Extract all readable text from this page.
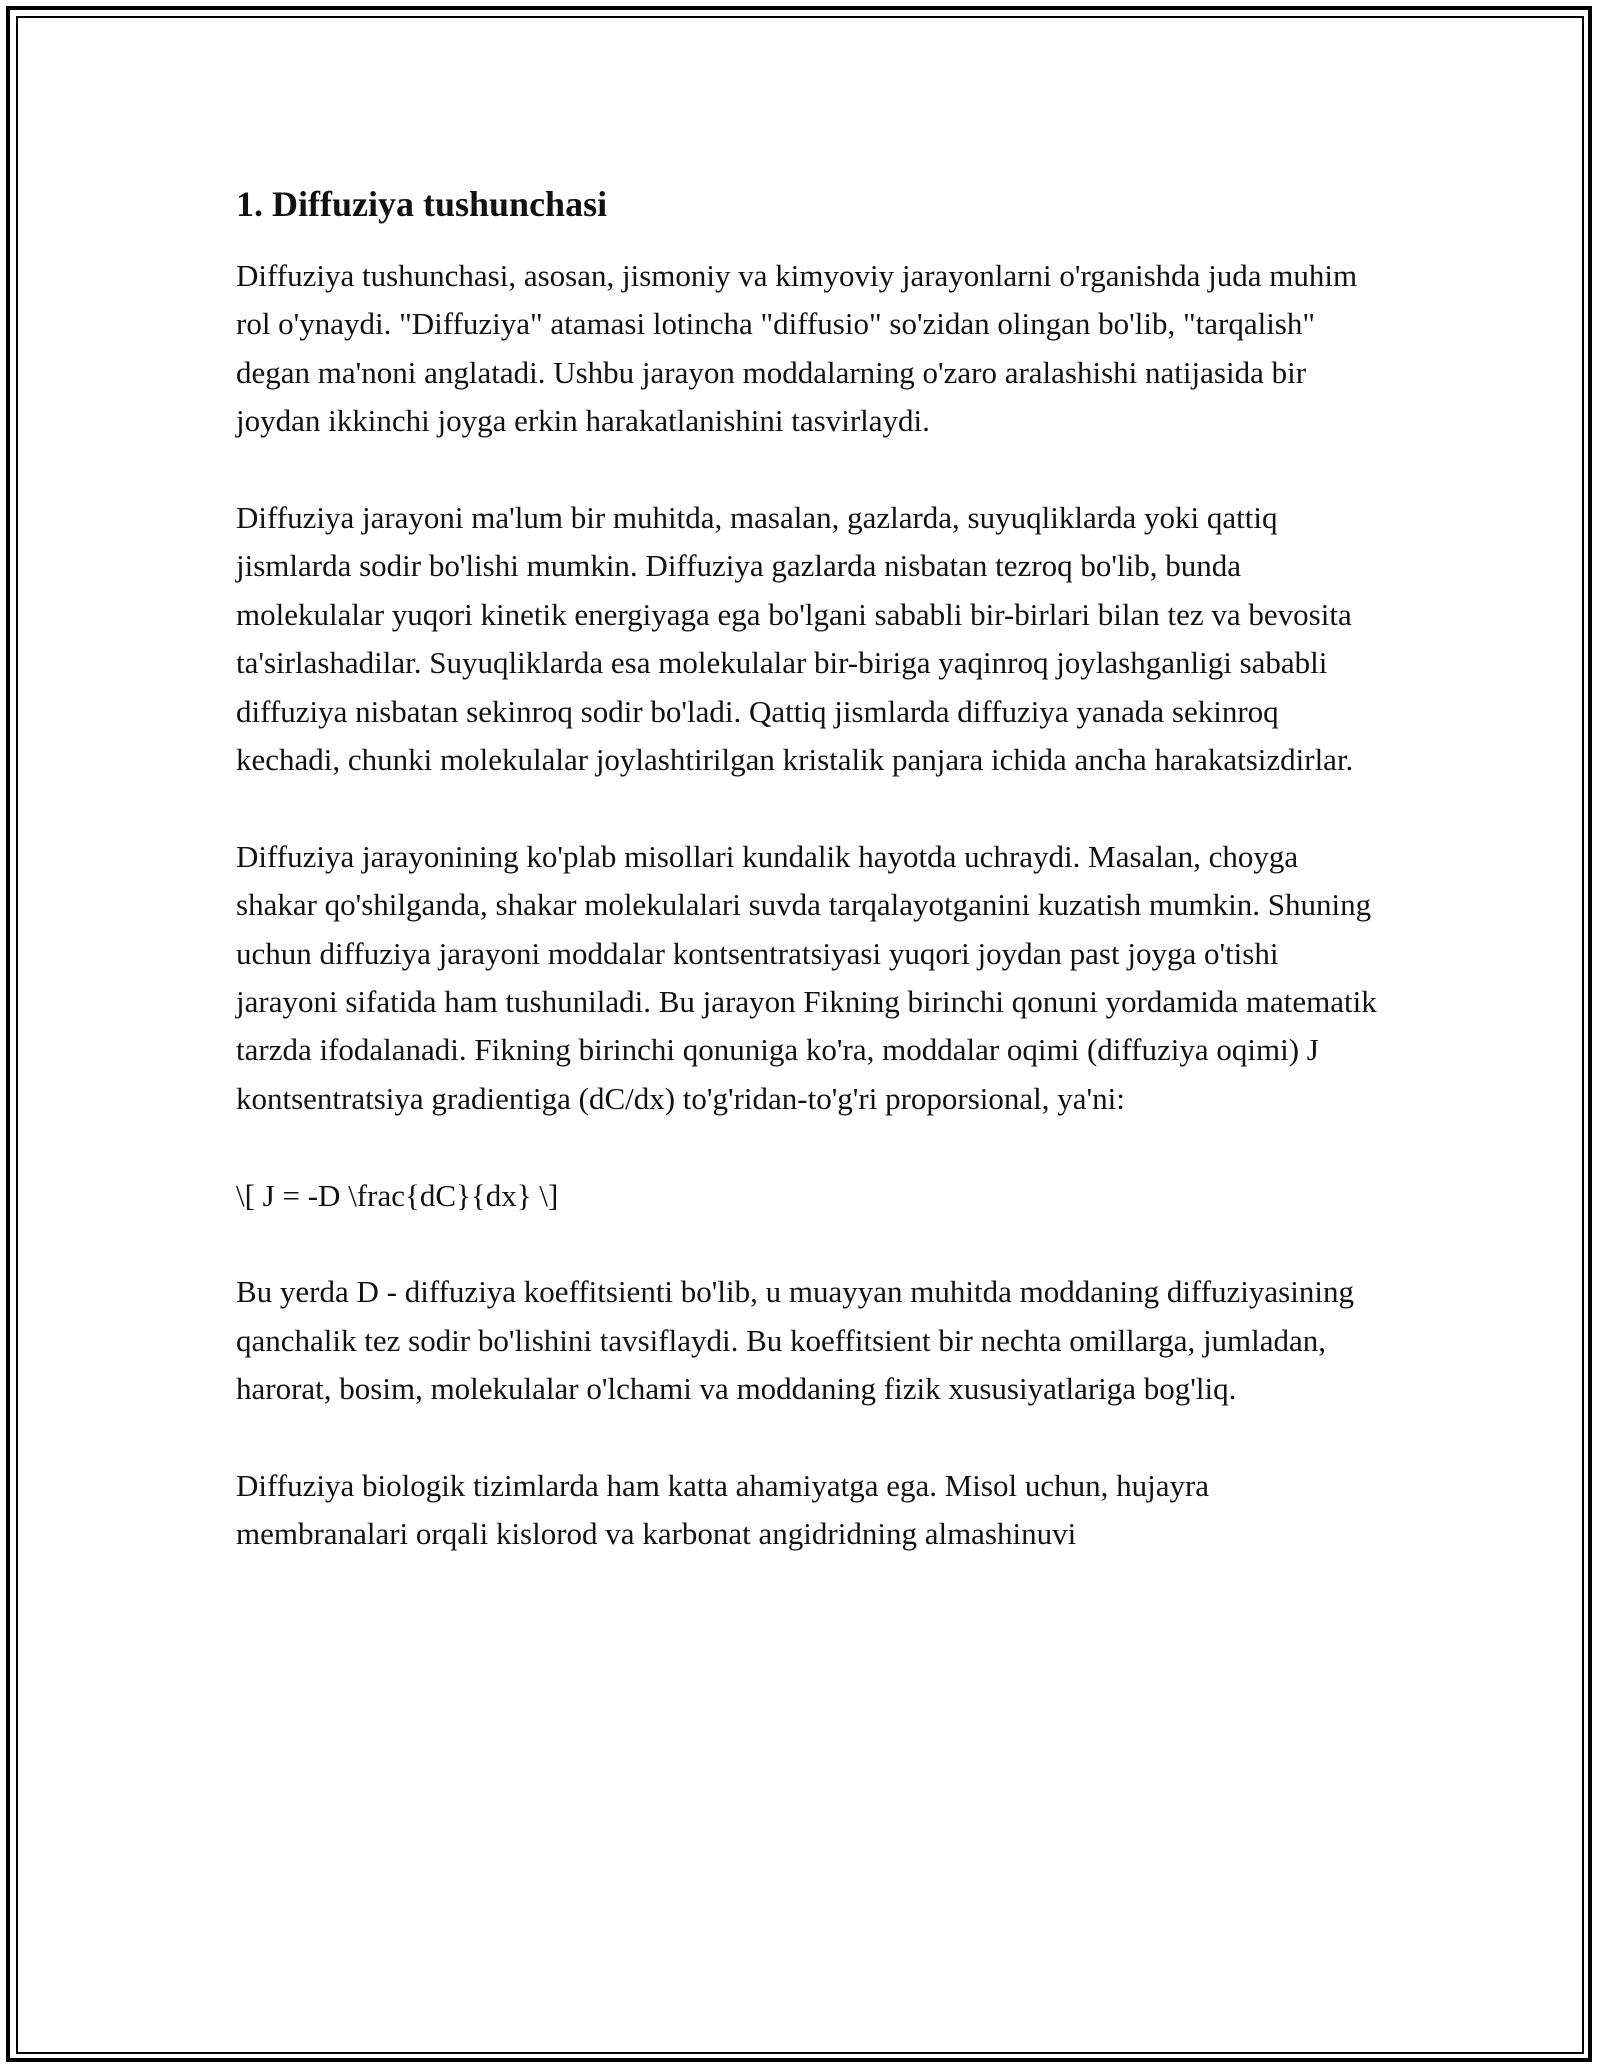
1. Diffuziya tushunchasi

Diffuziya tushunchasi, asosan, jismoniy va kimyoviy jarayonlarni o'rganishda juda muhim rol o'ynaydi. "Diffuziya" atamasi lotincha "diffusio" so'zidan olingan bo'lib, "tarqalish" degan ma'noni anglatadi. Ushbu jarayon moddalarning o'zaro aralashishi natijasida bir joydan ikkinchi joyga erkin harakatlanishini tasvirlaydi.

Diffuziya jarayoni ma'lum bir muhitda, masalan, gazlarda, suyuqliklarda yoki qattiq jismlarda sodir bo'lishi mumkin. Diffuziya gazlarda nisbatan tezroq bo'lib, bunda molekulalar yuqori kinetik energiyaga ega bo'lgani sababli bir-birlari bilan tez va bevosita ta'sirlashadilar. Suyuqliklarda esa molekulalar bir-biriga yaqinroq joylashganligi sababli diffuziya nisbatan sekinroq sodir bo'ladi. Qattiq jismlarda diffuziya yanada sekinroq kechadi, chunki molekulalar joylashtirilgan kristalik panjara ichida ancha harakatsizdirlar.

Diffuziya jarayonining ko'plab misollari kundalik hayotda uchraydi. Masalan, choyga shakar qo'shilganda, shakar molekulalari suvda tarqalayotganini kuzatish mumkin. Shuning uchun diffuziya jarayoni moddalar kontsentratsiyasi yuqori joydan past joyga o'tishi jarayoni sifatida ham tushuniladi. Bu jarayon Fikning birinchi qonuni yordamida matematik tarzda ifodalanadi. Fikning birinchi qonuniga ko'ra, moddalar oqimi (diffuziya oqimi) J kontsentratsiya gradientiga (dC/dx) to'g'ridan-to'g'ri proporsional, ya'ni:

\[ J = -D \frac{dC}{dx} \]

Bu yerda D - diffuziya koeffitsienti bo'lib, u muayyan muhitda moddaning diffuziyasining qanchalik tez sodir bo'lishini tavsiflaydi. Bu koeffitsient bir nechta omillarga, jumladan, harorat, bosim, molekulalar o'lchami va moddaning fizik xususiyatlariga bog'liq.

Diffuziya biologik tizimlarda ham katta ahamiyatga ega. Misol uchun, hujayra membranalari orqali kislorod va karbonat angidridning almashinuvi
